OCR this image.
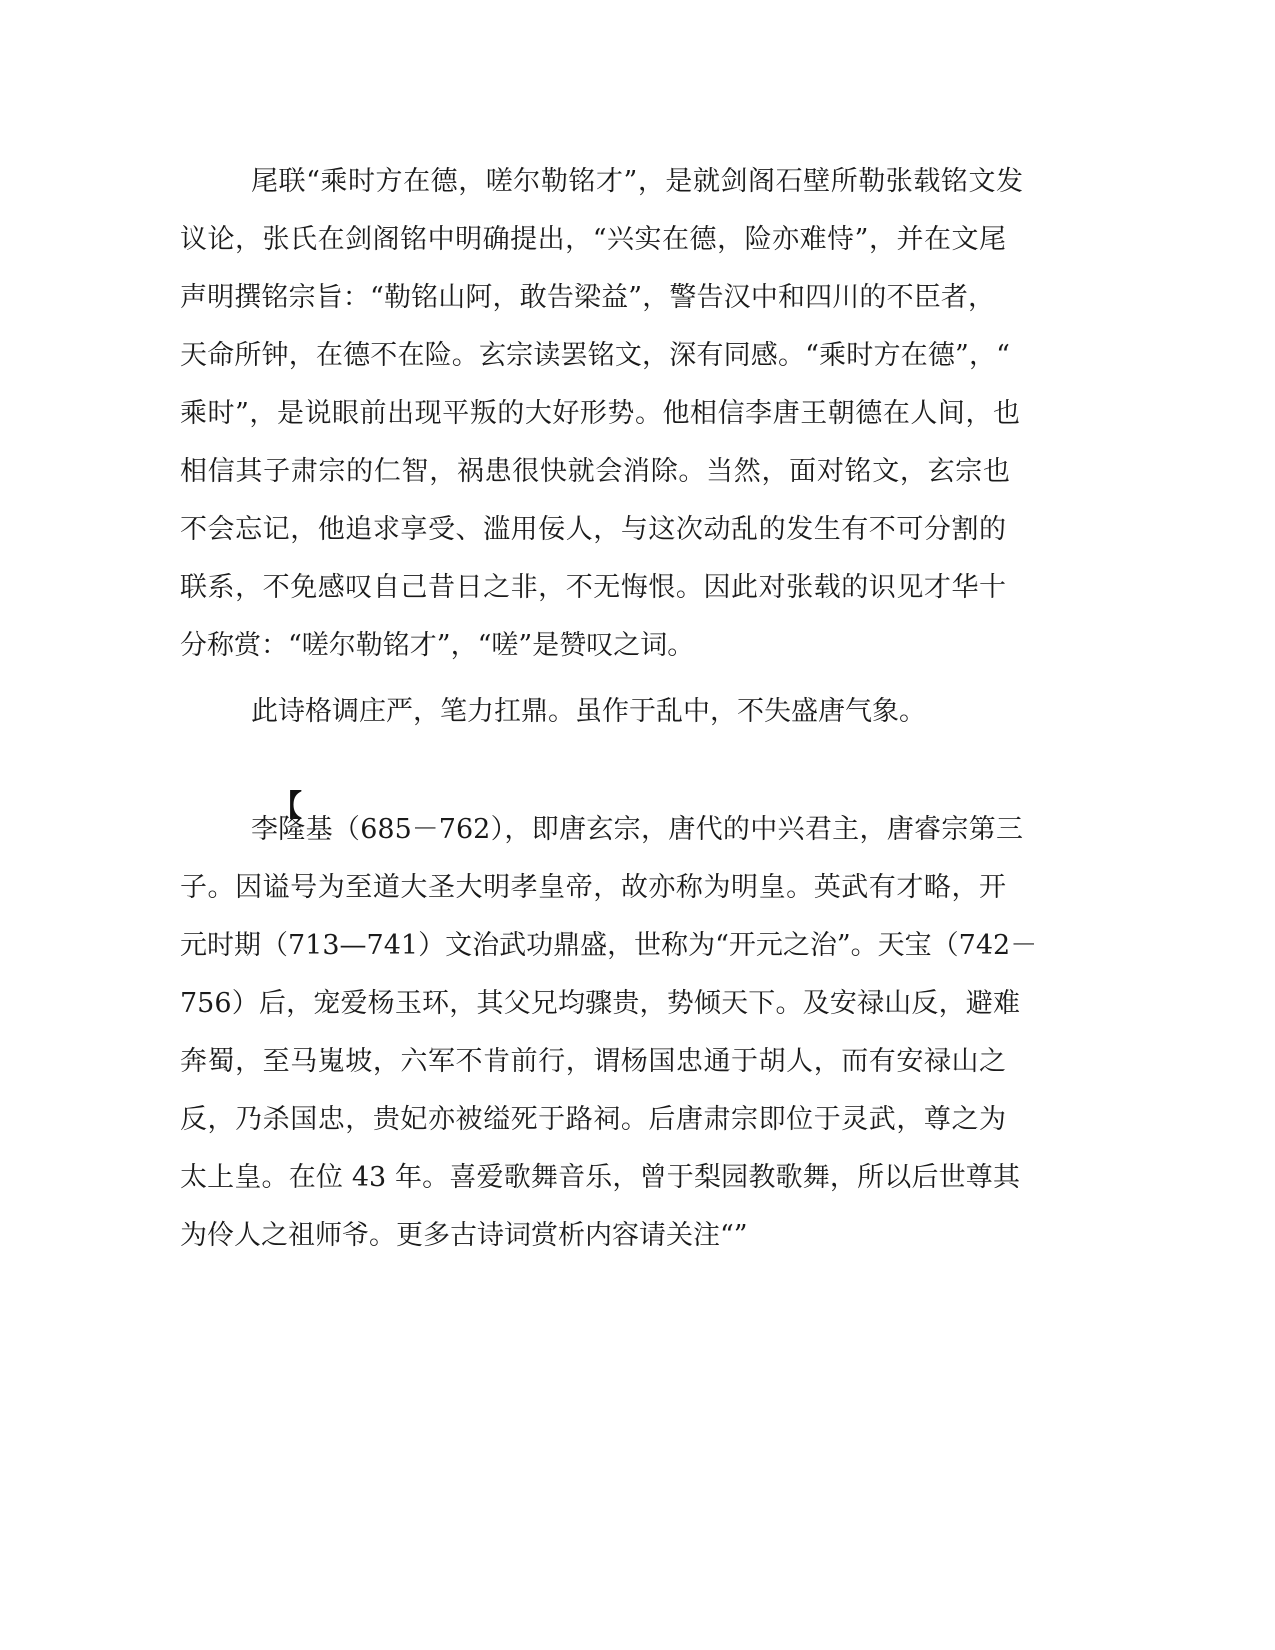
尾联“乘时方在德，嗟尔勒铭才”，是就剑阁石壁所勒张载铭文发
议论，张氏在剑阁铭中明确提出，“兴实在德，险亦难恃”，并在文尾
声明撰铭宗旨：“勒铭山阿，敢告梁益”，警告汉中和四川的不臣者，
天命所钟，在德不在险。玄宗读罢铭文，深有同感。“乘时方在德”，“
乘时”，是说眼前出现平叛的大好形势。他相信李唐王朝德在人间，也
相信其子肃宗的仁智，祸患很快就会消除。当然，面对铭文，玄宗也
不会忘记，他追求享受、滥用佞人，与这次动乱的发生有不可分割的
联系，不免感叹自己昔日之非，不无悔恨。因此对张载的识见才华十
分称赏：“嗟尔勒铭才”，“嗟”是赞叹之词。
此诗格调庄严，笔力扛鼎。虽作于乱中，不失盛唐气象。
【
李隆基（685－762），即唐玄宗，唐代的中兴君主，唐睿宗第三
子。因谥号为至道大圣大明孝皇帝，故亦称为明皇。英武有才略，开
元时期（713—741）文治武功鼎盛，世称为“开元之治”。天宝（742－
756）后，宠爱杨玉环，其父兄均骤贵，势倾天下。及安禄山反，避难
奔蜀，至马嵬坡，六军不肯前行，谓杨国忠通于胡人，而有安禄山之
反，乃杀国忠，贵妃亦被缢死于路祠。后唐肃宗即位于灵武，尊之为
太上皇。在位 43 年。喜爱歌舞音乐，曾于梨园教歌舞，所以后世尊其
为伶人之祖师爷。更多古诗词赏析内容请关注“”
